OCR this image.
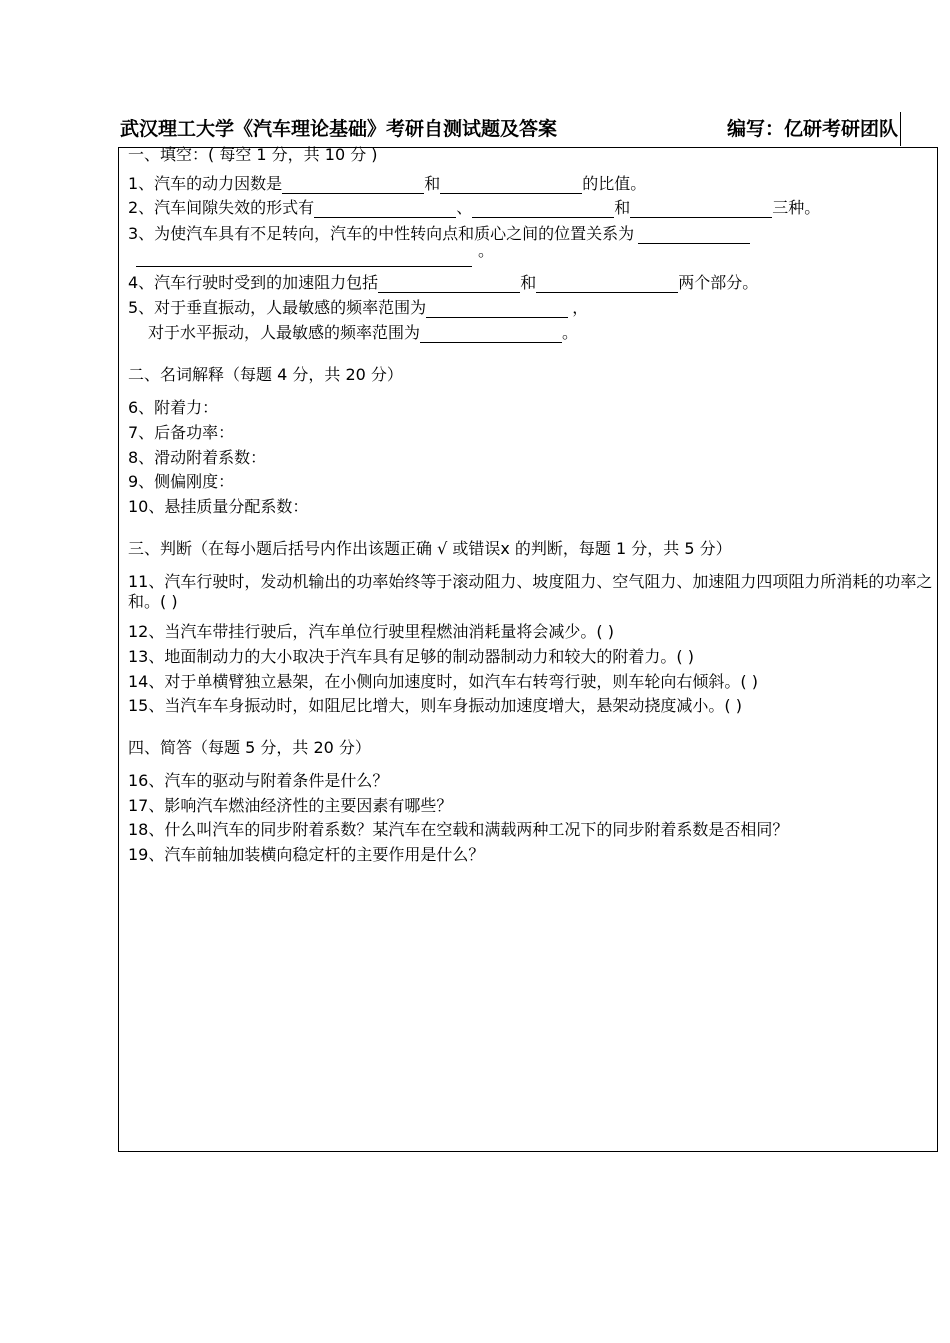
武汉理工大学《汽车理论基础》考研自测试题及答案	编写：亿研考研团队
一、填空：( 每空 1 分，共 10 分 )
1、汽车的动力因数是	和	的比值。
2、汽车间隙失效的形式有	、	和	三种。
3、为使汽车具有不足转向，汽车的中性转向点和质心之间的位置关系为
。
4、汽车行驶时受到的加速阻力包括	和	两个部分。
5、对于垂直振动，人最敏感的频率范围为	，
对于水平振动，人最敏感的频率范围为	。
二、名词解释（每题 4 分，共 20 分）
6、附着力：
7、后备功率：
8、滑动附着系数：
9、侧偏刚度：
10、悬挂质量分配系数：
三、判断（在每小题后括号内作出该题正确 √ 或错误x 的判断，每题 1 分，共 5 分）
11、汽车行驶时，发动机输出的功率始终等于滚动阻力、坡度阻力、空气阻力、加速阻力四项阻力所消耗的功率之和。( )
12、当汽车带挂行驶后，汽车单位行驶里程燃油消耗量将会减少。( )
13、地面制动力的大小取决于汽车具有足够的制动器制动力和较大的附着力。( )
14、对于单横臂独立悬架，在小侧向加速度时，如汽车右转弯行驶，则车轮向右倾斜。( )
15、当汽车车身振动时，如阻尼比增大，则车身振动加速度增大，悬架动挠度减小。( )
四、简答（每题 5 分，共 20 分）
16、汽车的驱动与附着条件是什么？
17、影响汽车燃油经济性的主要因素有哪些？
18、什么叫汽车的同步附着系数？某汽车在空载和满载两种工况下的同步附着系数是否相同？
19、汽车前轴加装横向稳定杆的主要作用是什么？
